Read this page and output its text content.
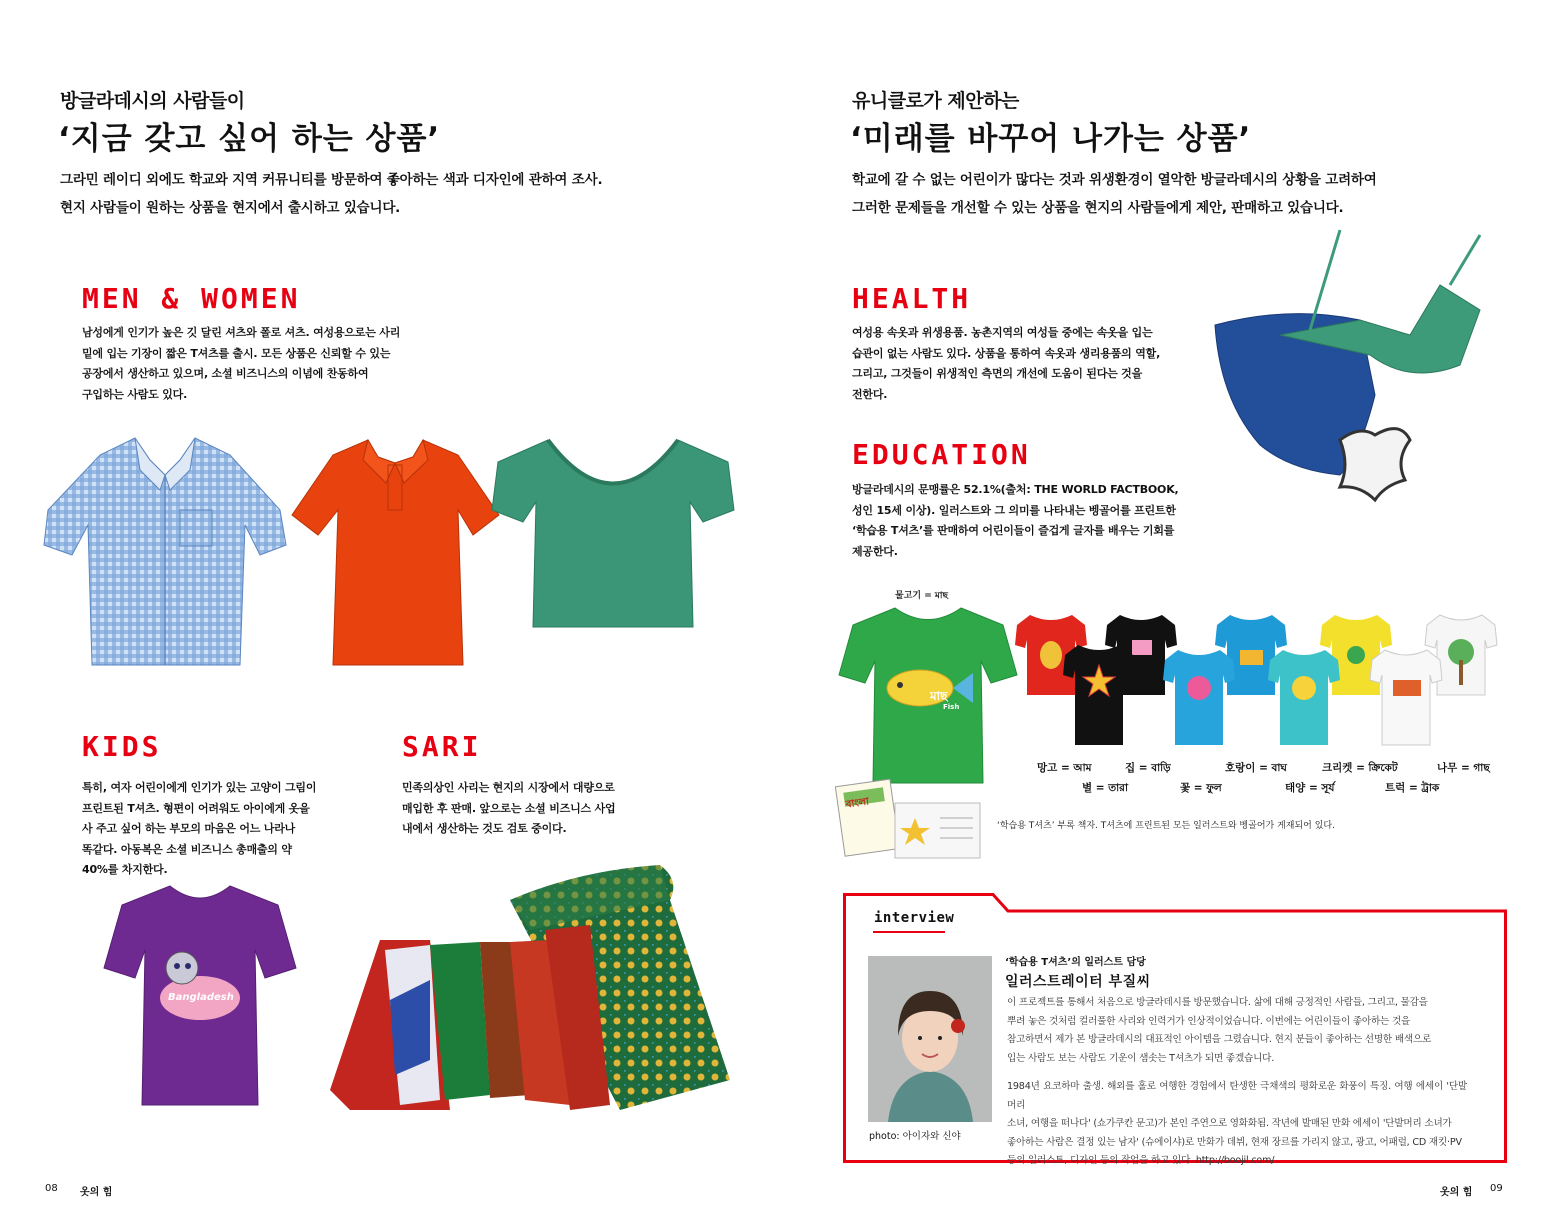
방글라데시의 사람들이
‘지금 갖고 싶어 하는 상품’
그라민 레이디 외에도 학교와 지역 커뮤니티를 방문하여 좋아하는 색과 디자인에 관하여 조사.
현지 사람들이 원하는 상품을 현지에서 출시하고 있습니다.
MEN & WOMEN
남성에게 인기가 높은 깃 달린 셔츠와 폴로 셔츠. 여성용으로는 사리
밑에 입는 기장이 짧은 T셔츠를 출시. 모든 상품은 신뢰할 수 있는
공장에서 생산하고 있으며, 소셜 비즈니스의 이념에 찬동하여
구입하는 사람도 있다.
KIDS
특히, 여자 어린이에게 인기가 있는 고양이 그림이
프린트된 T셔츠. 형편이 어려워도 아이에게 옷을
사 주고 싶어 하는 부모의 마음은 어느 나라나
똑같다. 아동복은 소셜 비즈니스 총매출의 약
40%를 차지한다.
SARI
민족의상인 사리는 현지의 시장에서 대량으로
매입한 후 판매. 앞으로는 소셜 비즈니스 사업
내에서 생산하는 것도 검토 중이다.
Bangladesh
08 옷의 힘
유니클로가 제안하는
‘미래를 바꾸어 나가는 상품’
학교에 갈 수 없는 어린이가 많다는 것과 위생환경이 열악한 방글라데시의 상황을 고려하여
그러한 문제들을 개선할 수 있는 상품을 현지의 사람들에게 제안, 판매하고 있습니다.
HEALTH
여성용 속옷과 위생용품. 농촌지역의 여성들 중에는 속옷을 입는
습관이 없는 사람도 있다. 상품을 통하여 속옷과 생리용품의 역할,
그리고, 그것들이 위생적인 측면의 개선에 도움이 된다는 것을
전한다.
EDUCATION
방글라데시의 문맹률은 52.1%(출처: THE WORLD FACTBOOK,
성인 15세 이상). 일러스트와 그 의미를 나타내는 벵골어를 프린트한
‘학습용 T셔츠’를 판매하여 어린이들이 즐겁게 글자를 배우는 기회를
제공한다.
물고기 = মাছ
মাছ
Fish
망고 = আম	집 = বাড়ি	호랑이 = বাঘ	크리켓 = ক্রিকেট	나무 = গাছ
별 = তারা	꽃 = ফুল	태양 = সূর্য	트럭 = ট্রাক
বাংলা
‘학습용 T셔츠’ 부록 책자. T셔츠에 프린트된 모든 일러스트와 벵골어가 게재되어 있다.
interview
photo: 아이자와 신야
‘학습용 T셔츠’의 일러스트 담당
일러스트레이터 부질씨
이 프로젝트를 통해서 처음으로 방글라데시를 방문했습니다. 삶에 대해 긍정적인 사람들, 그리고, 물감을
뿌려 놓은 것처럼 컬러풀한 사리와 인력거가 인상적이었습니다. 이번에는 어린이들이 좋아하는 것을
참고하면서 제가 본 방글라데시의 대표적인 아이템을 그렸습니다. 현지 분들이 좋아하는 선명한 배색으로
입는 사람도 보는 사람도 기운이 샘솟는 T셔츠가 되면 좋겠습니다.
1984년 요코하마 출생. 해외를 홀로 여행한 경험에서 탄생한 극채색의 평화로운 화풍이 특징. 여행 에세이 '단발머리
소녀, 여행을 떠나다' (쇼가쿠칸 문고)가 본인 주연으로 영화화됨. 작년에 발매된 만화 에세이 '단발머리 소녀가
좋아하는 사람은 결정 있는 남자' (슈에이샤)로 만화가 데뷔, 현재 장르를 가리지 않고, 광고, 어패럴, CD 재킷·PV
등의 일러스트, 디자인 등의 작업을 하고 있다. http://boojil.com/
옷의 힘 09
